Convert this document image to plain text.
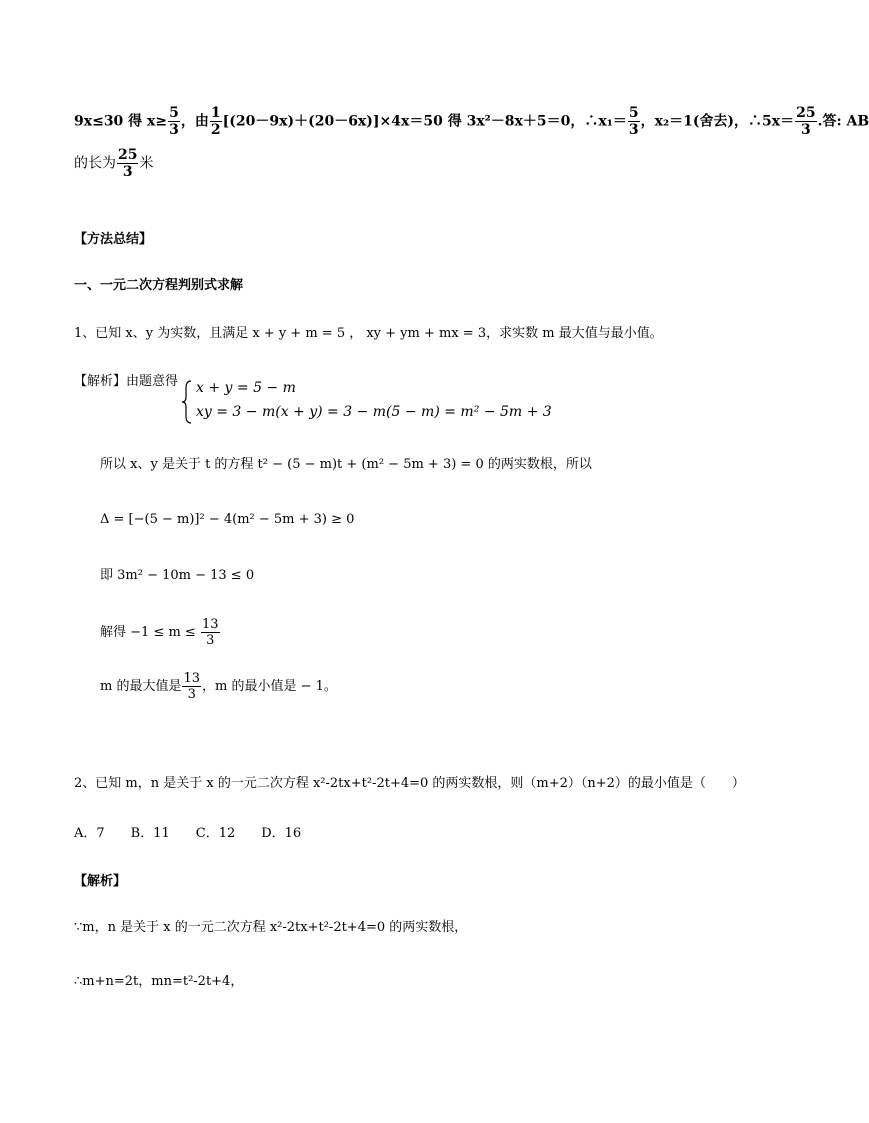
9x≤30 得 $x\ge \frac{5}{3}$ ，由 $\frac{1}{2} [(20-9x)+(20-6x)]\times 4x=50$ 得 3x²－8x＋5＝0，∴x₁＝ $\frac{5}{3}$ ，x₂＝1(舍去)，∴5x＝ $\frac{25}{3}$ .答: AB
的长为 $\frac{25}{3}$ 米
【方法总结】
一、一元二次方程判别式求解
1、已知 x、y 为实数，且满足 x + y + m = 5 ， xy + ym + mx = 3，求实数 m 最大值与最小值。
【解析】由题意得 x + y = 5 − m
xy = 3 − m(x + y) = 3 − m(5 − m) = m² − 5m + 3
所以 x、y 是关于 t 的方程 t² − (5 − m)t + (m² − 5m + 3) = 0 的两实数根，所以
Δ = [−(5 − m)]² − 4(m² − 5m + 3) ≥ 0
即 3m² − 10m − 13 ≤ 0
解得 $-1 \le m \le \frac{13}{3}$
m 的最大值是 $\frac{13}{3}$ ，m 的最小值是 − 1。
2、已知 m，n 是关于 x 的一元二次方程 x²-2tx+t²-2t+4=0 的两实数根，则（m+2）（n+2）的最小值是（　　）
A．7　　B．11　　C．12　　D．16
【解析】
∵m，n 是关于 x 的一元二次方程 x²-2tx+t²-2t+4=0 的两实数根，
∴m+n=2t，mn=t²-2t+4，
